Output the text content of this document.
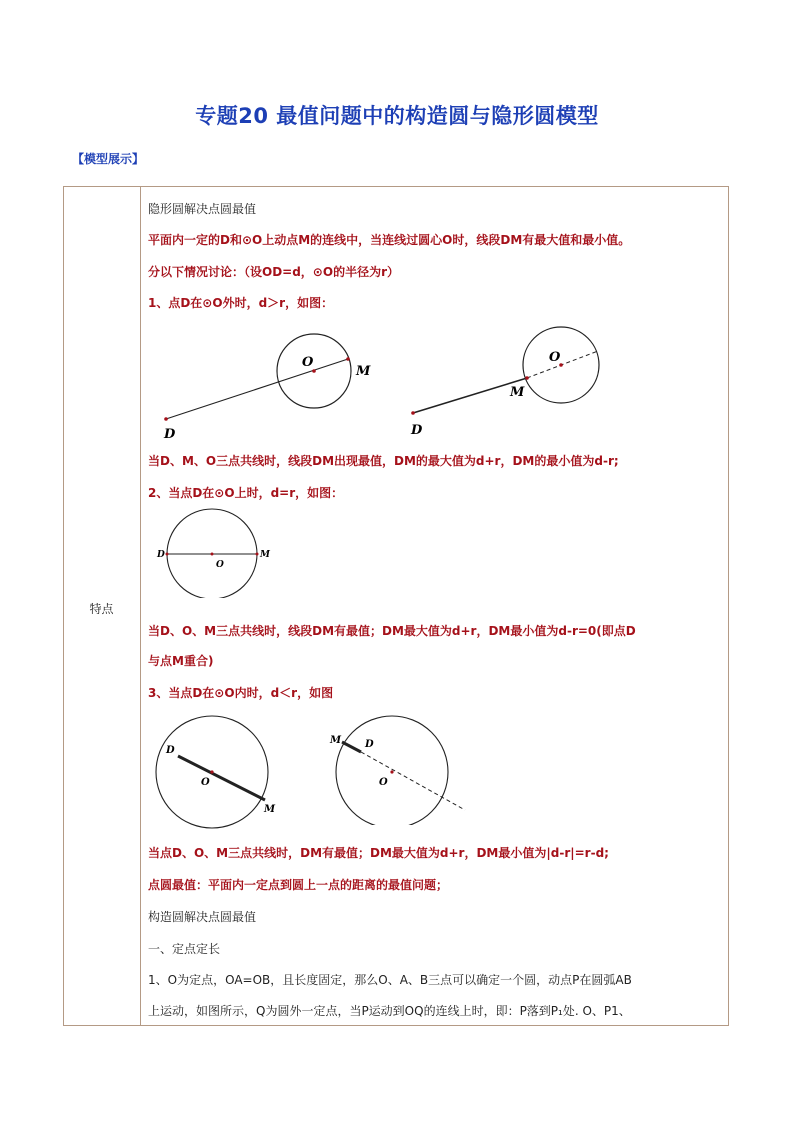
专题20 最值问题中的构造圆与隐形圆模型
【模型展示】
特点
隐形圆解决点圆最值
平面内一定的D和⊙O上动点M的连线中，当连线过圆心O时，线段DM有最大值和最小值。
分以下情况讨论：（设OD=d，⊙O的半径为r）
1、点D在⊙O外时，d＞r，如图：
O
M
D
O
M
D
当D、M、O三点共线时，线段DM出现最值，DM的最大值为d+r，DM的最小值为d-r;
2、当点D在⊙O上时，d=r，如图：
D
O
M
当D、O、M三点共线时，线段DM有最值；DM最大值为d+r，DM最小值为d-r=0(即点D
与点M重合)
3、当点D在⊙O内时，d＜r，如图
D
O
M
M D
O
当点D、O、M三点共线时，DM有最值；DM最大值为d+r，DM最小值为|d-r|=r-d;
点圆最值：平面内一定点到圆上一点的距离的最值问题；
构造圆解决点圆最值
一、定点定长
1、O为定点，OA=OB，且长度固定，那么O、A、B三点可以确定一个圆，动点P在圆弧AB
上运动，如图所示，Q为圆外一定点，当P运动到OQ的连线上时，即：P落到P₁处. O、P1、
